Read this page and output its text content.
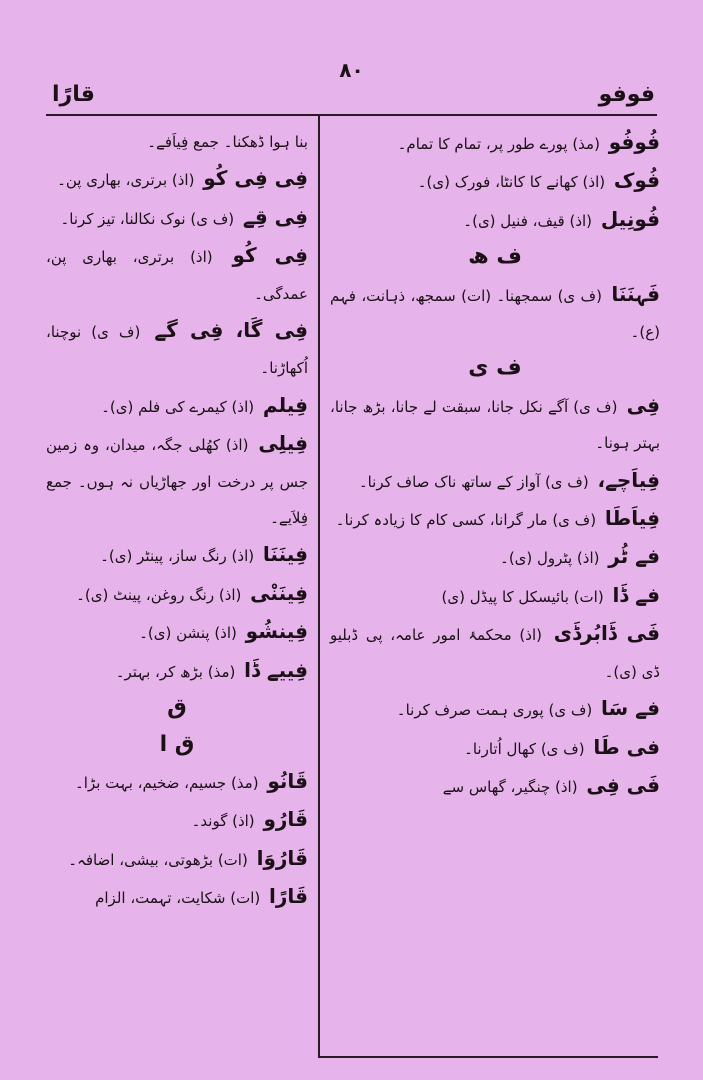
۸۰
فوفو
قارًا

فُوفُو (مذ) پورے طور پر، تمام کا تمام۔

فُوک (اذ) کھانے کا کانٹا، فورک (ی)۔

فُونِیل (اذ) قیف، فنیل (ی)۔

ف ھ

فَہنَنَا (ف ی) سمجھنا۔ (ات) سمجھ، ذہانت، فہم (ع)۔

ف ی

فِی (ف ی) آگے نکل جانا، سبقت لے جانا، بڑھ جانا، بہتر ہونا۔

فِیاَچے، (ف ی) آواز کے ساتھ ناک صاف کرنا۔

فِیاَطَا (ف ی) مار گرانا، کسی کام کا زیادہ کرنا۔

فے ٹُر (اذ) پٹرول (ی)۔

فے ڈَا (ات) بائیسکل کا پیڈل (ی)

فَی ڈَابُرڈَی (اذ) محکمۂ امور عامہ، پی ڈبلیو ڈی (ی)۔

فے سَا (ف ی) پوری ہمت صرف کرنا۔

فی طَا (ف ی) کھال اُتارنا۔

فَی فِی (اذ) چنگیر، گھاس سے

بنا ہوا ڈھکنا۔ جمع فِیاَفے۔

فِی فِی کُو (اذ) برتری، بھاری پن۔

فِی قِے (ف ی) نوک نکالنا، تیز کرنا۔

فِی کُو (اذ) برتری، بھاری پن، عمدگی۔

فِی گَا، فِی گے (ف ی) نوچنا، اُکھاڑنا۔

فِیلم (اذ) کیمرے کی فلم (ی)۔

فِیلِی (اذ) کھُلی جگہ، میدان، وہ زمین جس پر درخت اور جھاڑیاں نہ ہوں۔ جمع فِلاَیے۔

فِینَنَا (اذ) رنگ ساز، پینٹر (ی)۔

فِینَنْی (اذ) رنگ روغن، پینٹ (ی)۔

فِینشُو (اذ) پنشن (ی)۔

فِییے ڈَا (مذ) بڑھ کر، بہتر۔

ق

ق ا

قَانُو (مذ) جسیم، ضخیم، بہت بڑا۔

قَارُو (اذ) گوند۔

قَارُوَا (ات) بڑھوتی، بیشی، اضافہ۔

قَارًا (ات) شکایت، تہمت، الزام
